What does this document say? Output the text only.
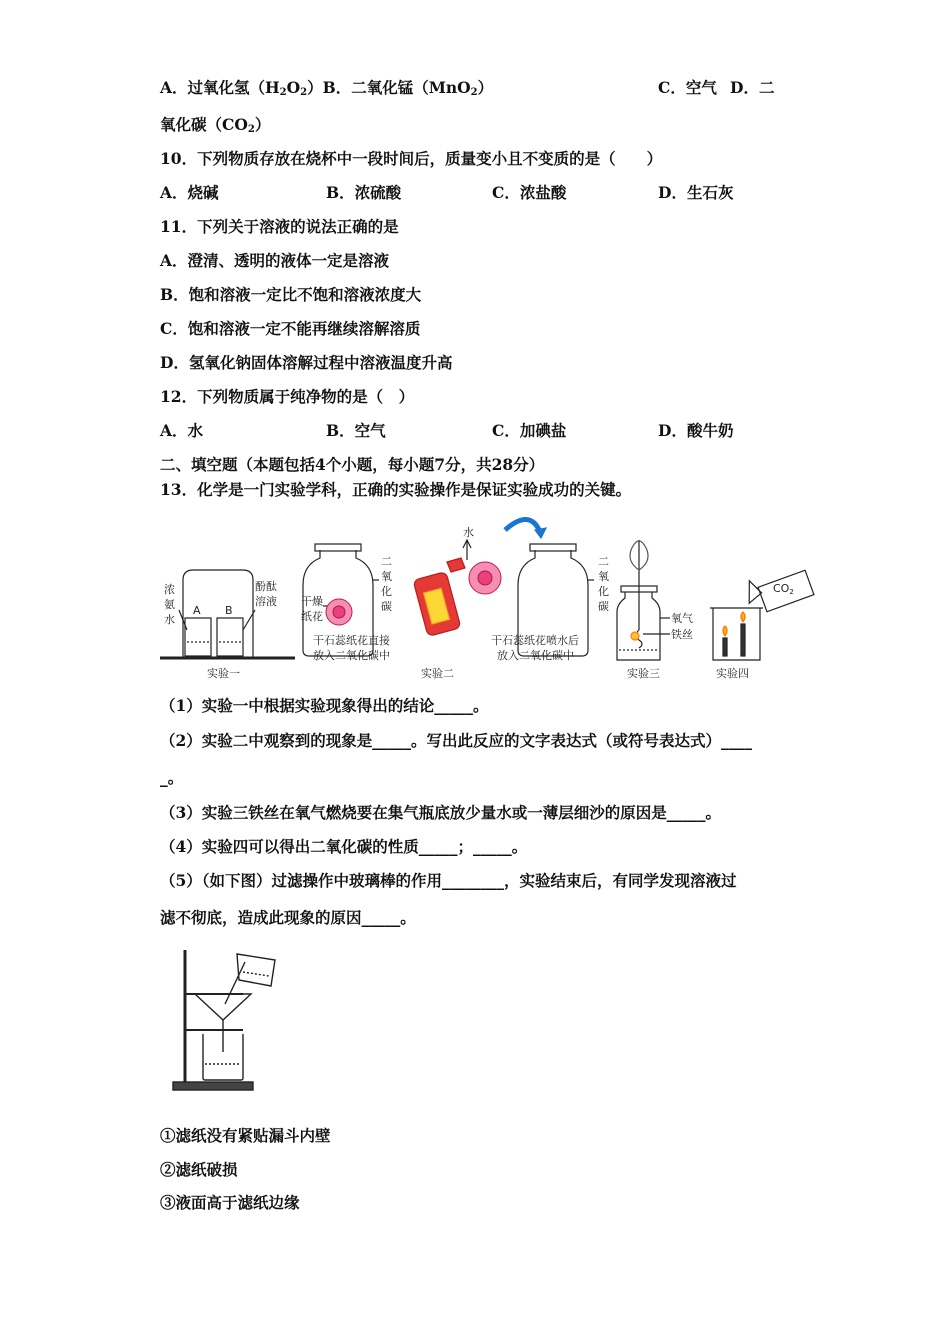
A．过氧化氢$(H_2O_2)B$．二氧化锰（MnO$_2$）	C．空气 D．二
氧化碳$(CO_2)$
10．下列物质存放在烧杯中一段时间后，质量变小且不变质的是（　　）
A．烧碱	B．浓硫酸	C．浓盐酸	D．生石灰
11．下列关于溶液的说法正确的是
A．澄清、透明的液体一定是溶液
B．饱和溶液一定比不饱和溶液浓度大
C．饱和溶液一定不能再继续溶解溶质
D．氢氧化钠固体溶解过程中溶液温度升高
12．下列物质属于纯净物的是（　）
A．水	B．空气	C．加碘盐	D．酸牛奶
二、填空题（本题包括4个小题，每小题7分，共28分）
13．化学是一门实验学科，正确的实验操作是保证实验成功的关键。
浓
氨
水
酚酞
溶液
A B
实验一
二
氧
化
碳
干燥
纸花
干石蕊纸花直接
放入二氧化碳中
水
二
氧
化
碳
干石蕊纸花喷水后
放入二氧化碳中
实验二
氧气
铁丝
实验三
CO2
实验四
（1）实验一中根据实验现象得出的结论_____。
（2）实验二中观察到的现象是_____。写出此反应的文字表达式（或符号表达式）____
_。
（3）实验三铁丝在氧气燃烧要在集气瓶底放少量水或一薄层细沙的原因是_____。
（4）实验四可以得出二氧化碳的性质_____；_____。
（5）（如下图）过滤操作中玻璃棒的作用________，实验结束后，有同学发现溶液过
滤不彻底，造成此现象的原因_____。
①滤纸没有紧贴漏斗内壁
②滤纸破损
③液面高于滤纸边缘
